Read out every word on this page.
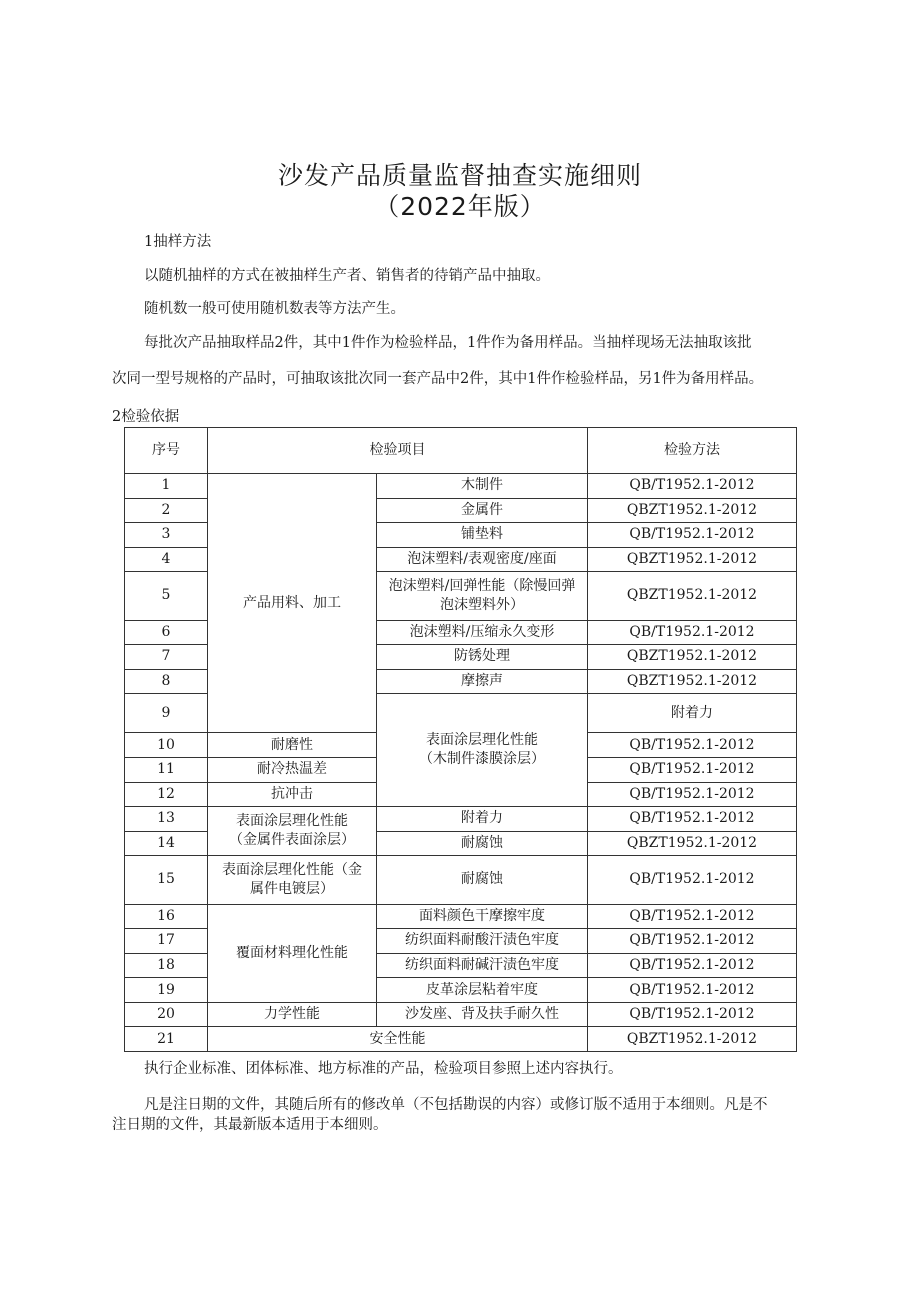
沙发产品质量监督抽查实施细则
（2022年版）
1抽样方法
以随机抽样的方式在被抽样生产者、销售者的待销产品中抽取。
随机数一般可使用随机数表等方法产生。
每批次产品抽取样品2件，其中1件作为检验样品，1件作为备用样品。当抽样现场无法抽取该批
次同一型号规格的产品时，可抽取该批次同一套产品中2件，其中1件作检验样品，另1件为备用样品。
2检验依据
序号	检验项目		检验方法	
1	产品用料、加工	木制件	QB/T1952.1-2012	
2		金属件	QBZT1952.1-2012	
3		铺垫料	QB/T1952.1-2012	
4		泡沫塑料/表观密度/座面	QBZT1952.1-2012	
5		泡沫塑料/回弹性能（除慢回弹
泡沫塑料外）	QBZT1952.1-2012	
6		泡沫塑料/压缩永久变形	QB/T1952.1-2012	
7		防锈处理	QBZT1952.1-2012	
8		摩擦声	QBZT1952.1-2012	
9		表面涂层理化性能
（木制件漆膜涂层）	附着力	
10	耐磨性		QB/T1952.1-2012	
11	耐冷热温差		QB/T1952.1-2012	
12	抗冲击		QB/T1952.1-2012	
13	表面涂层理化性能
（金属件表面涂层）	附着力	QB/T1952.1-2012	
14		耐腐蚀	QBZT1952.1-2012	
15	表面涂层理化性能（金
属件电镀层）	耐腐蚀	QB/T1952.1-2012	
16	覆面材料理化性能	面料颜色干摩擦牢度	QB/T1952.1-2012	
17		纺织面料耐酸汗渍色牢度	QB/T1952.1-2012	
18		纺织面料耐碱汗渍色牢度	QB/T1952.1-2012	
19		皮革涂层粘着牢度	QB/T1952.1-2012	
20	力学性能	沙发座、背及扶手耐久性	QB/T1952.1-2012	
21	安全性能		QBZT1952.1-2012	
执行企业标准、团体标准、地方标准的产品，检验项目参照上述内容执行。
凡是注日期的文件，其随后所有的修改单（不包括勘误的内容）或修订版不适用于本细则。凡是不
注日期的文件，其最新版本适用于本细则。
